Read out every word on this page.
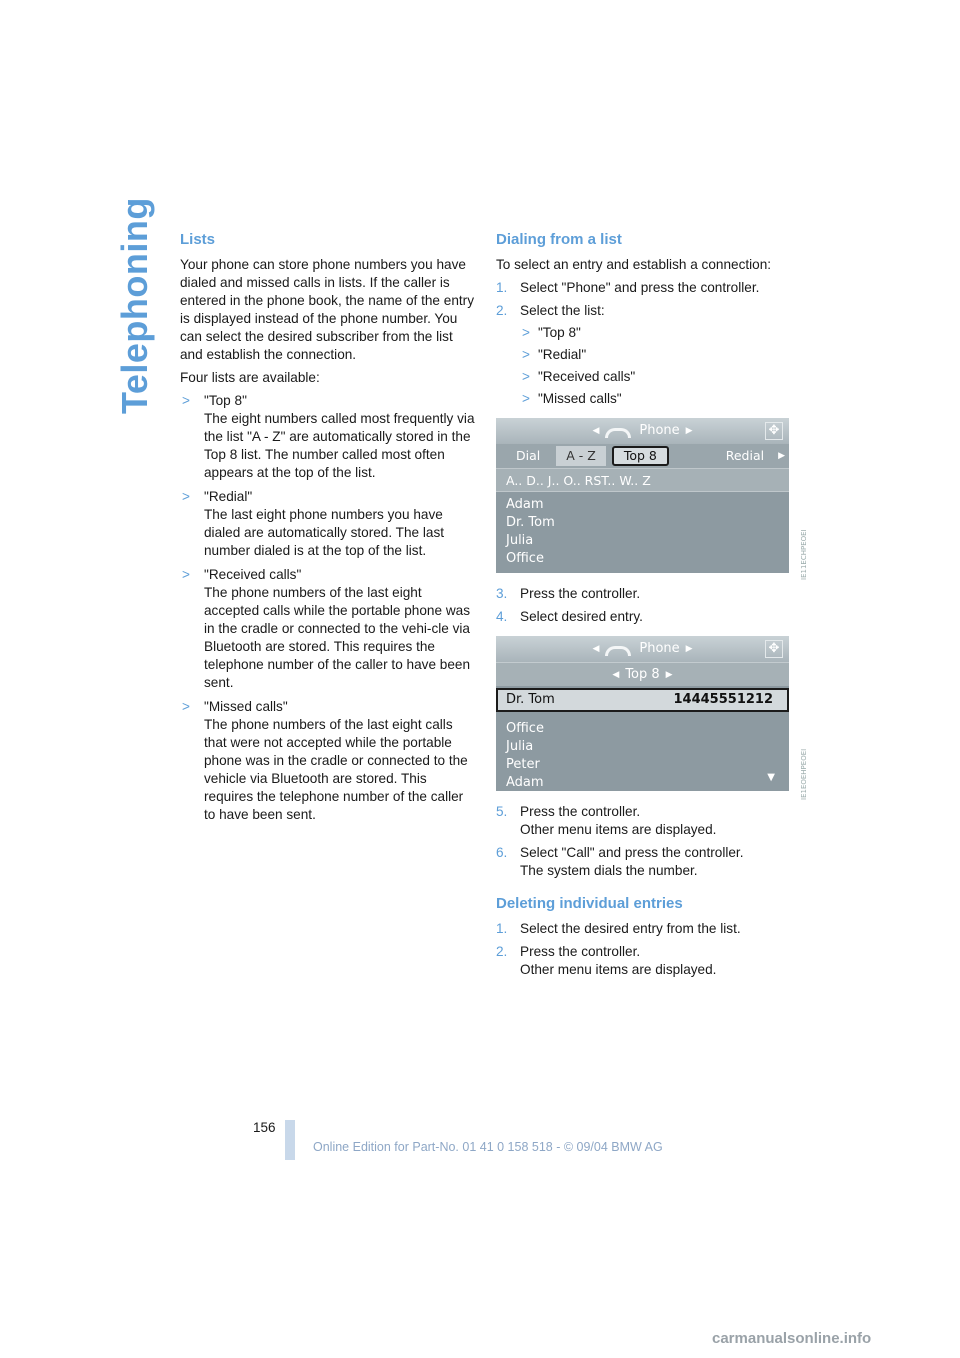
Telephoning Lists

Your phone can store phone numbers you have dialed and missed calls in lists. If the caller is entered in the phone book, the name of the entry is displayed instead of the phone number. You can select the desired subscriber from the list and establish the connection.

Four lists are available:

> "Top 8"
The eight numbers called most frequently via the list "A - Z" are automatically stored in the Top 8 list. The number called most often appears at the top of the list.
> "Redial"
The last eight phone numbers you have dialed are automatically stored. The last number dialed is at the top of the list.
> "Received calls"
The phone numbers of the last eight accepted calls while the portable phone was in the cradle or connected to the vehi-cle via Bluetooth are stored. This requires the telephone number of the caller to have been sent.
> "Missed calls"
The phone numbers of the last eight calls that were not accepted while the portable phone was in the cradle or connected to the vehicle via Bluetooth are stored. This requires the telephone number of the caller to have been sent.
Dialing from a list

To select an entry and establish a connection:

1. Select "Phone" and press the controller.
2. Select the list:
> "Top 8"
> "Redial"
> "Received calls"
> "Missed calls"
◀	Phone ▶	✥
Dial	A - Z	Top 8	Redial	▶
A.. D.. J.. O.. RST.. W.. Z
Adam
Dr. Tom
Julia
Office
3. Press the controller.
4. Select desired entry.
◀	Phone ▶	✥
◀ Top 8 ▶
Dr. Tom	14445551212
Office
Julia
Peter
Adam	▼
5. Press the controller.
Other menu items are displayed.
6. Select "Call" and press the controller.
The system dials the number.
Deleting individual entries
1. Select the desired entry from the list.
2. Press the controller.
Other menu items are displayed.
IE11ECHPEOEI
IE1EOEHPEOEI
156
Online Edition for Part-No. 01 41 0 158 518 - © 09/04 BMW AG
carmanualsonline.info
